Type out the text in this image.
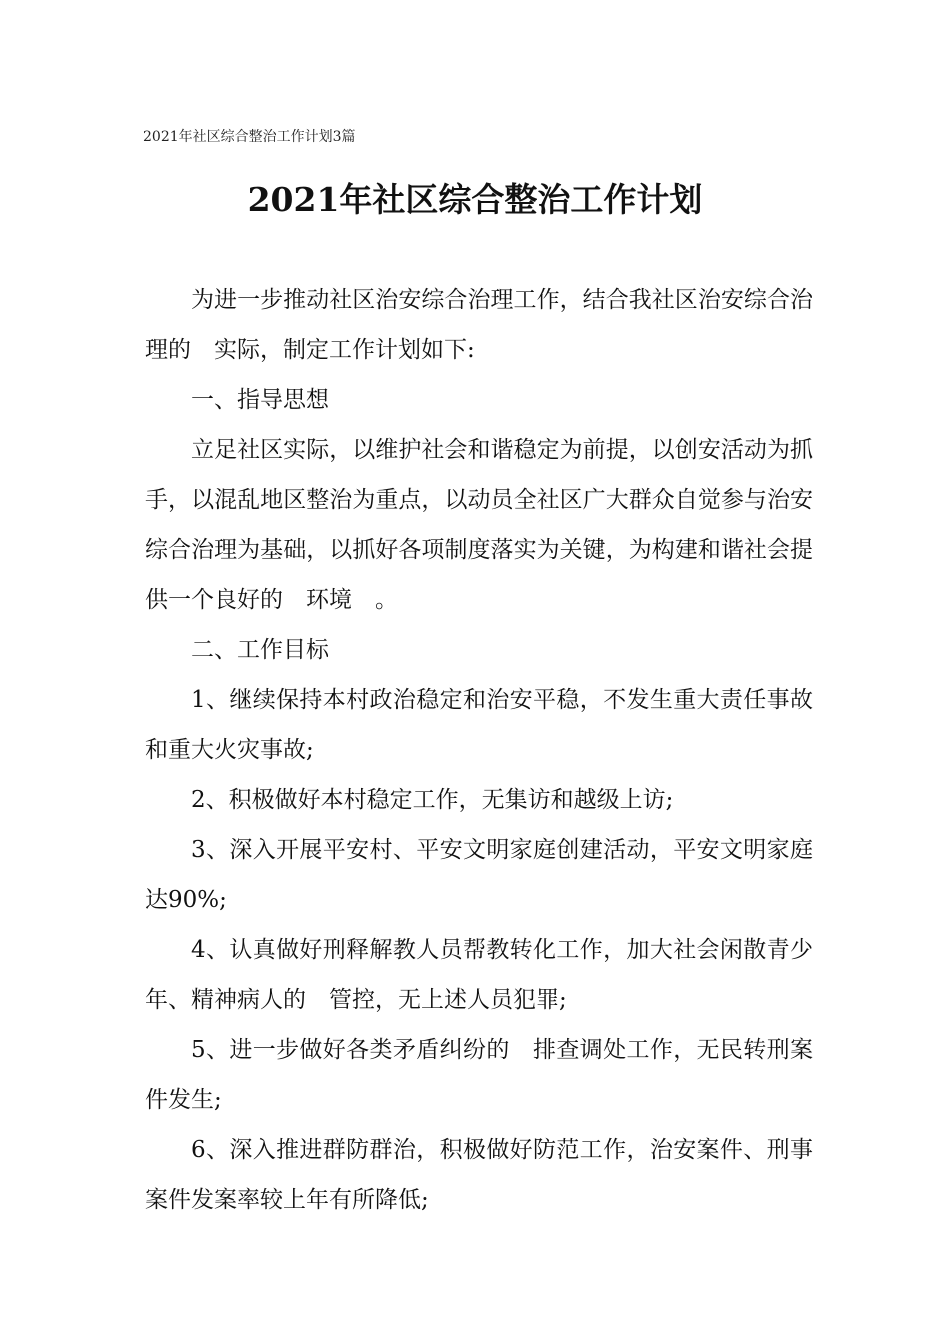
2021年社区综合整治工作计划3篇
2021年社区综合整治工作计划

为进一步推动社区治安综合治理工作，结合我社区治安综合治理的　实际，制定工作计划如下:

一、指导思想

立足社区实际，以维护社会和谐稳定为前提，以创安活动为抓手，以混乱地区整治为重点，以动员全社区广大群众自觉参与治安综合治理为基础，以抓好各项制度落实为关键，为构建和谐社会提供一个良好的　环境　。

二、工作目标

1、继续保持本村政治稳定和治安平稳，不发生重大责任事故和重大火灾事故;

2、积极做好本村稳定工作，无集访和越级上访;

3、深入开展平安村、平安文明家庭创建活动，平安文明家庭达90%;

4、认真做好刑释解教人员帮教转化工作，加大社会闲散青少年、精神病人的　管控，无上述人员犯罪;

5、进一步做好各类矛盾纠纷的　排查调处工作，无民转刑案件发生;

6、深入推进群防群治，积极做好防范工作，治安案件、刑事案件发案率较上年有所降低;
